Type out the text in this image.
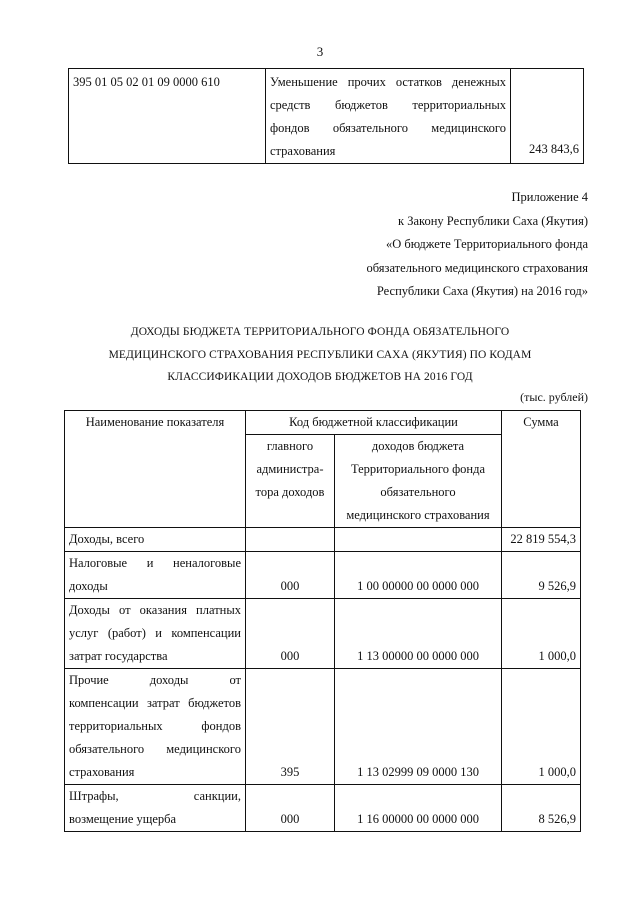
3
395 01 05 02 01 09 0000 610	Уменьшение прочих остатков денежных
средств бюджетов территориальных
фондов обязательного медицинского
страхования	243 843,6
Приложение 4
к Закону Республики Саха (Якутия)
«О бюджете Территориального фонда
обязательного медицинского страхования
Республики Саха (Якутия) на 2016 год»
ДОХОДЫ БЮДЖЕТА ТЕРРИТОРИАЛЬНОГО ФОНДА ОБЯЗАТЕЛЬНОГО
МЕДИЦИНСКОГО СТРАХОВАНИЯ РЕСПУБЛИКИ САХА (ЯКУТИЯ) ПО КОДАМ
КЛАССИФИКАЦИИ ДОХОДОВ БЮДЖЕТОВ НА 2016 ГОД
(тыс. рублей)
Наименование показателя	Код бюджетной классификации		Сумма

	главного
администра-
тора доходов	доходов бюджета
Территориального фонда
обязательного
медицинского страхования	

Доходы, всего			22 819 554,3

Налоговые и неналоговые
доходы	000	1 00 00000 00 0000 000	9 526,9

Доходы от оказания платных
услуг (работ) и компенсации
затрат государства	000	1 13 00000 00 0000 000	1 000,0

Прочие доходы от
компенсации затрат бюджетов
территориальных фондов
обязательного медицинского
страхования	395	1 13 02999 09 0000 130	1 000,0

Штрафы, санкции,
возмещение ущерба	000	1 16 00000 00 0000 000	8 526,9
